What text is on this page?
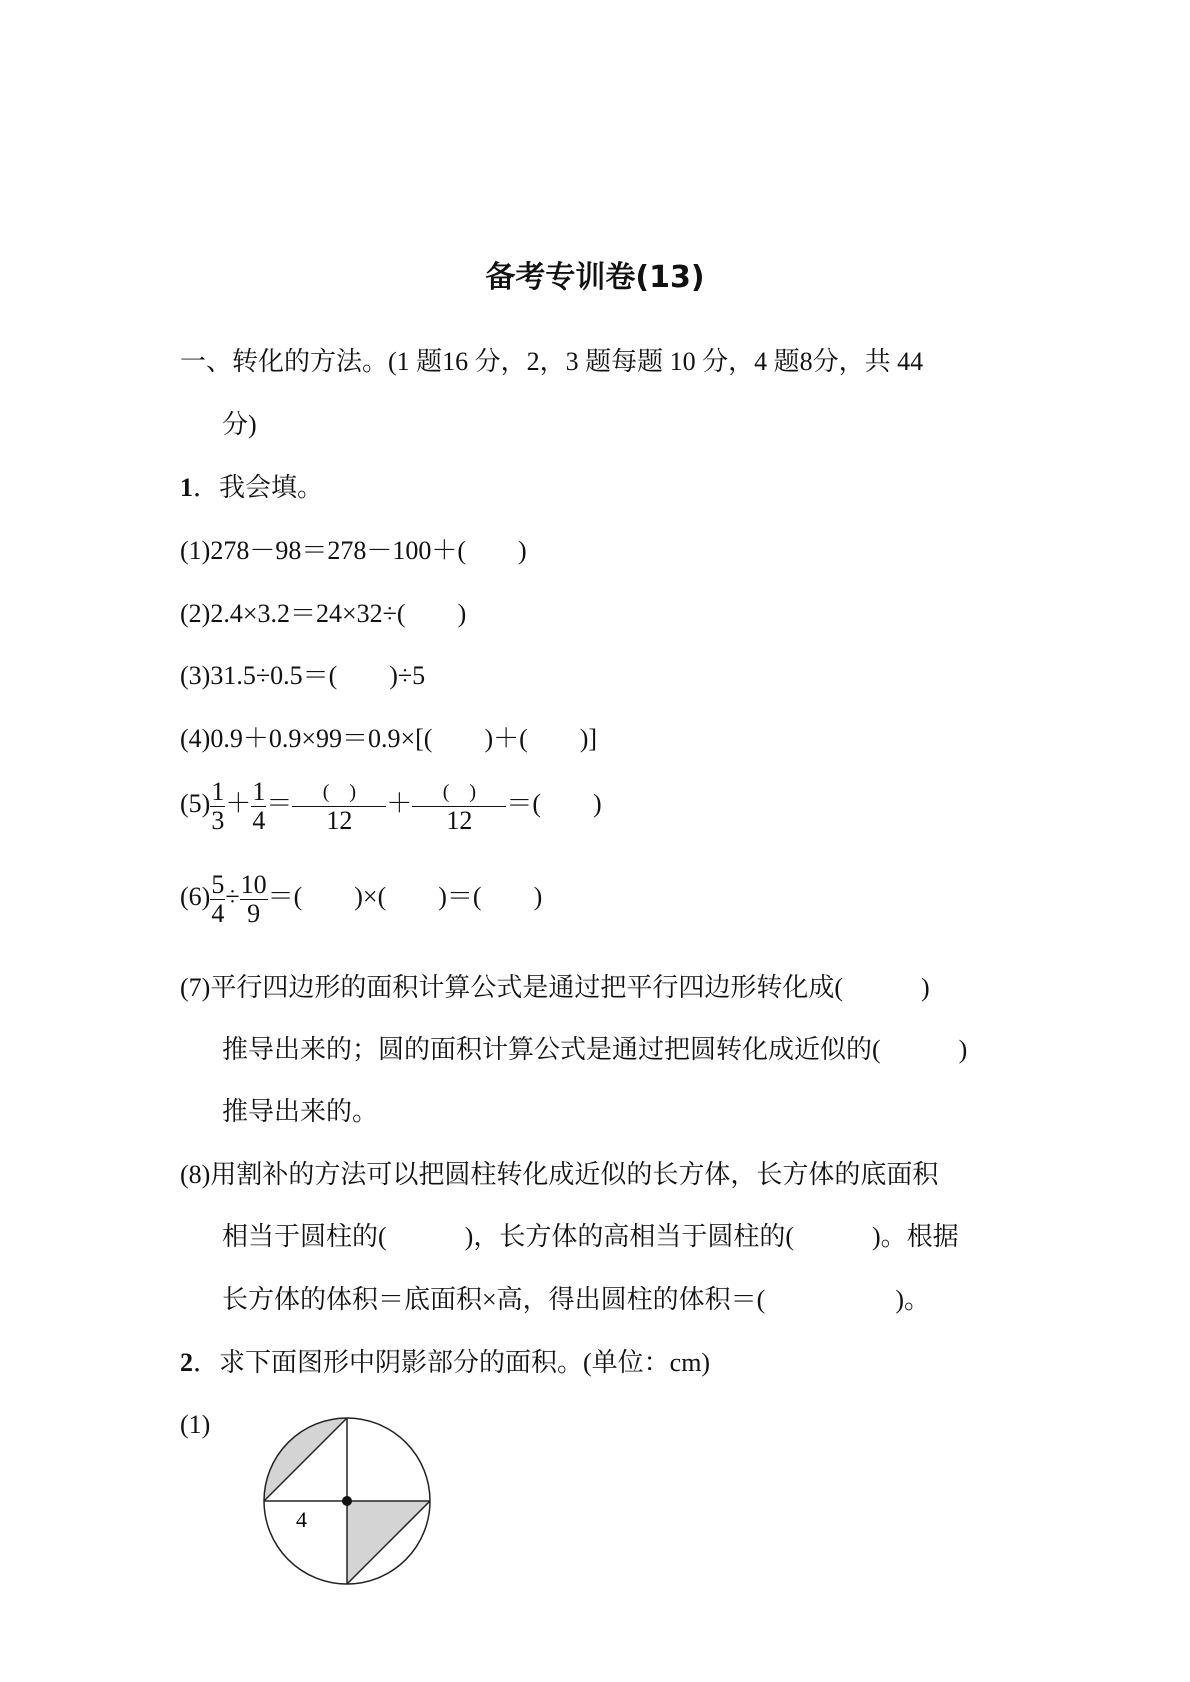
备考专训卷(13)
一、转化的方法。(1 题16 分，2，3 题每题 10 分，4 题8分，共 44
分)
1．我会填。
(1)278－98＝278－100＋(　　)
(2)2.4×3.2＝24×32÷(　　)
(3)31.5÷0.5＝(　　)÷5
(4)0.9＋0.9×99＝0.9×[(　　)＋(　　)]
$(5) \frac{1}{3} + \frac{1}{4} = \frac{( )}{12} + \frac{( )}{12}$ ＝(　　)
$(6) \frac{5}{4} \div \frac{10}{9}$ ＝(　　)×(　　)＝(　　)
(7)平行四边形的面积计算公式是通过把平行四边形转化成(　　　)
推导出来的；圆的面积计算公式是通过把圆转化成近似的(　　　)
推导出来的。
(8)用割补的方法可以把圆柱转化成近似的长方体，长方体的底面积
相当于圆柱的(　　　)，长方体的高相当于圆柱的(　　　)。根据
长方体的体积＝底面积×高，得出圆柱的体积＝(　　　　　)。
2．求下面图形中阴影部分的面积。(单位：cm)
(1)
4
